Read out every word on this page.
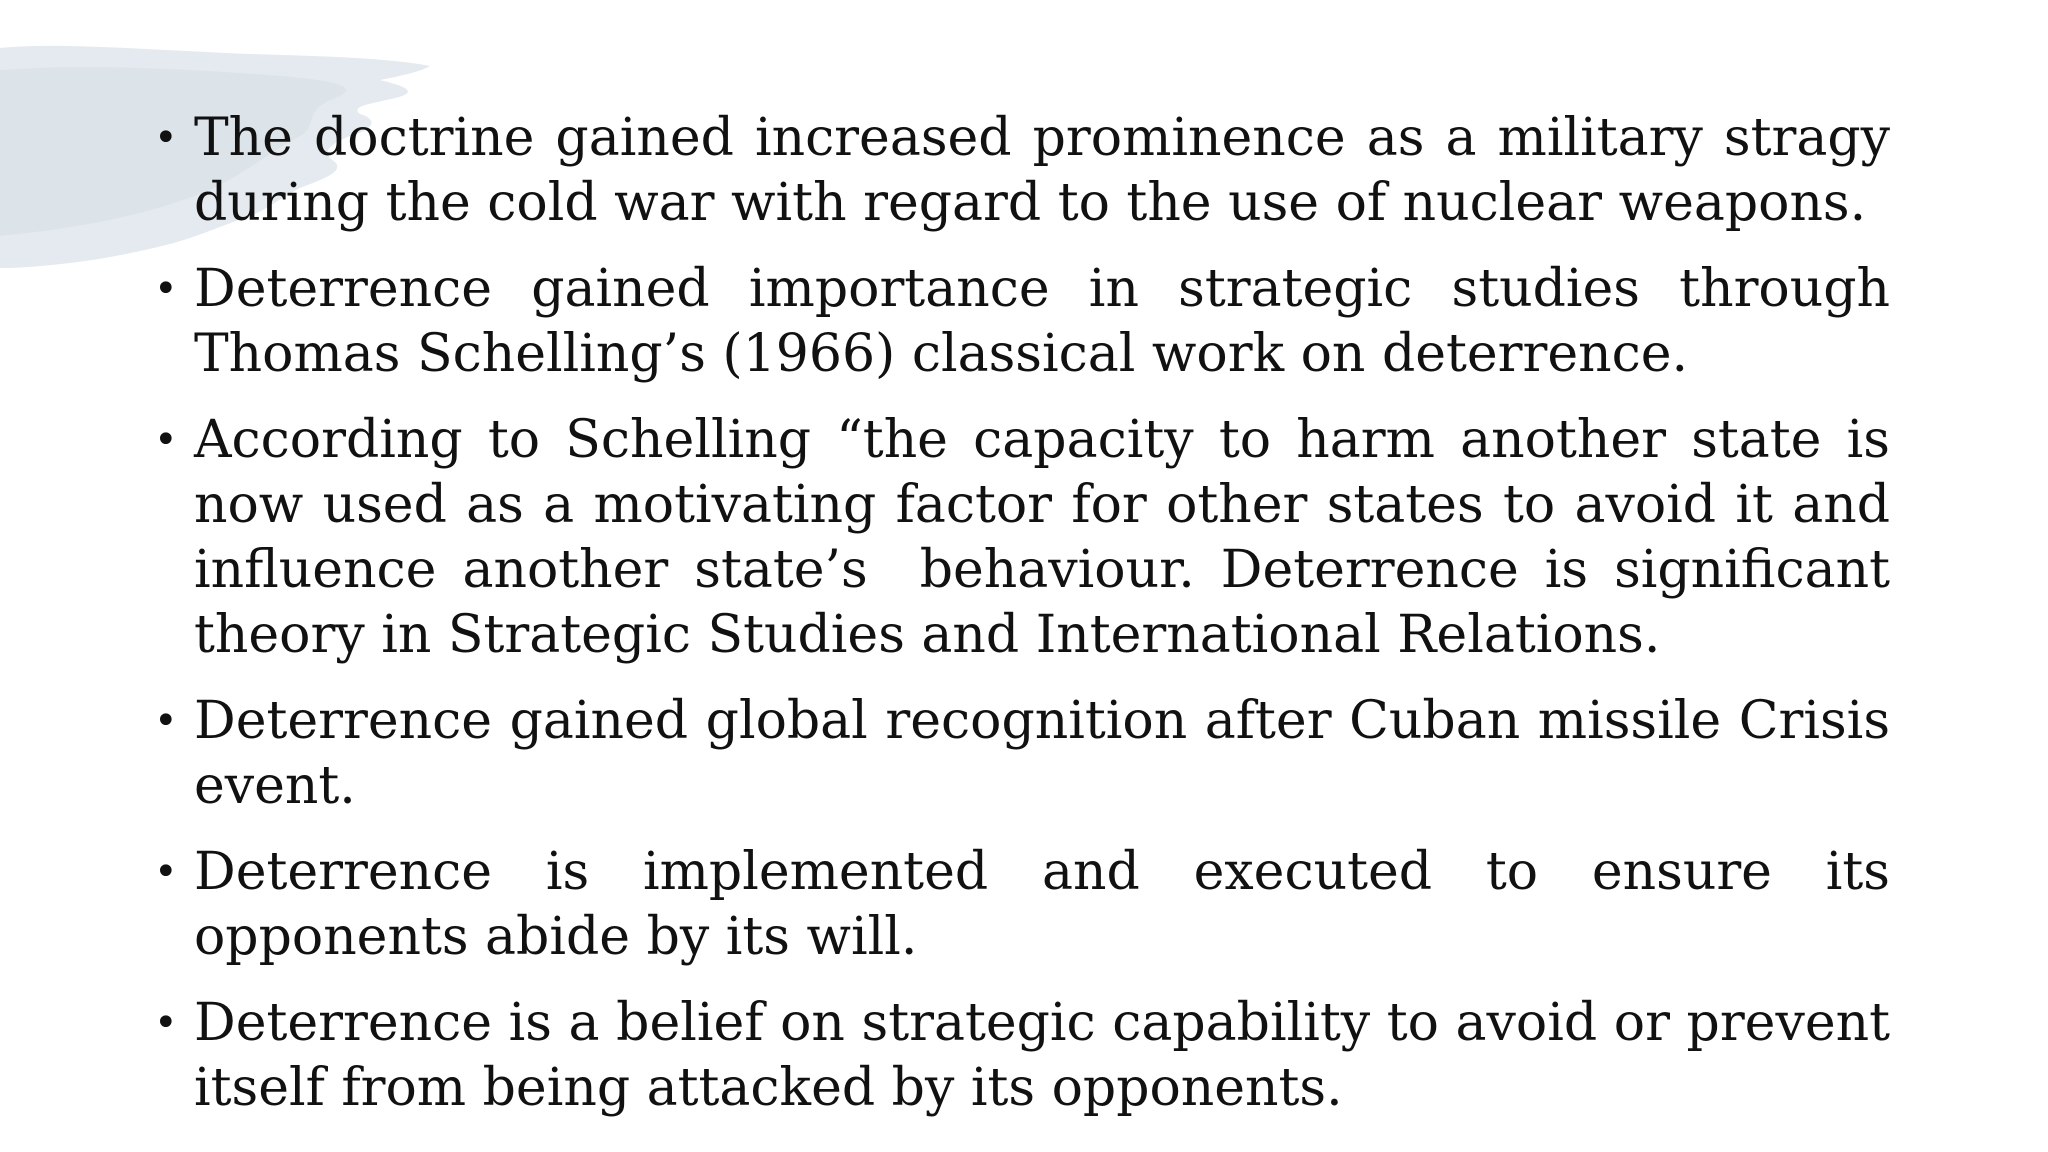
• The doctrine gained increased prominence as a military stragy during the cold war with regard to the use of nuclear weapons.
• Deterrence gained importance in strategic studies through Thomas Schelling’s (1966) classical work on deterrence.
• According to Schelling “the capacity to harm another state is now used as a motivating factor for other states to avoid it and influence another state’s  behaviour. Deterrence is significant theory in Strategic Studies and International Relations.
• Deterrence gained global recognition after Cuban missile Crisis event.
• Deterrence is implemented and executed to ensure its opponents abide by its will.
• Deterrence is a belief on strategic capability to avoid or prevent itself from being attacked by its opponents.
